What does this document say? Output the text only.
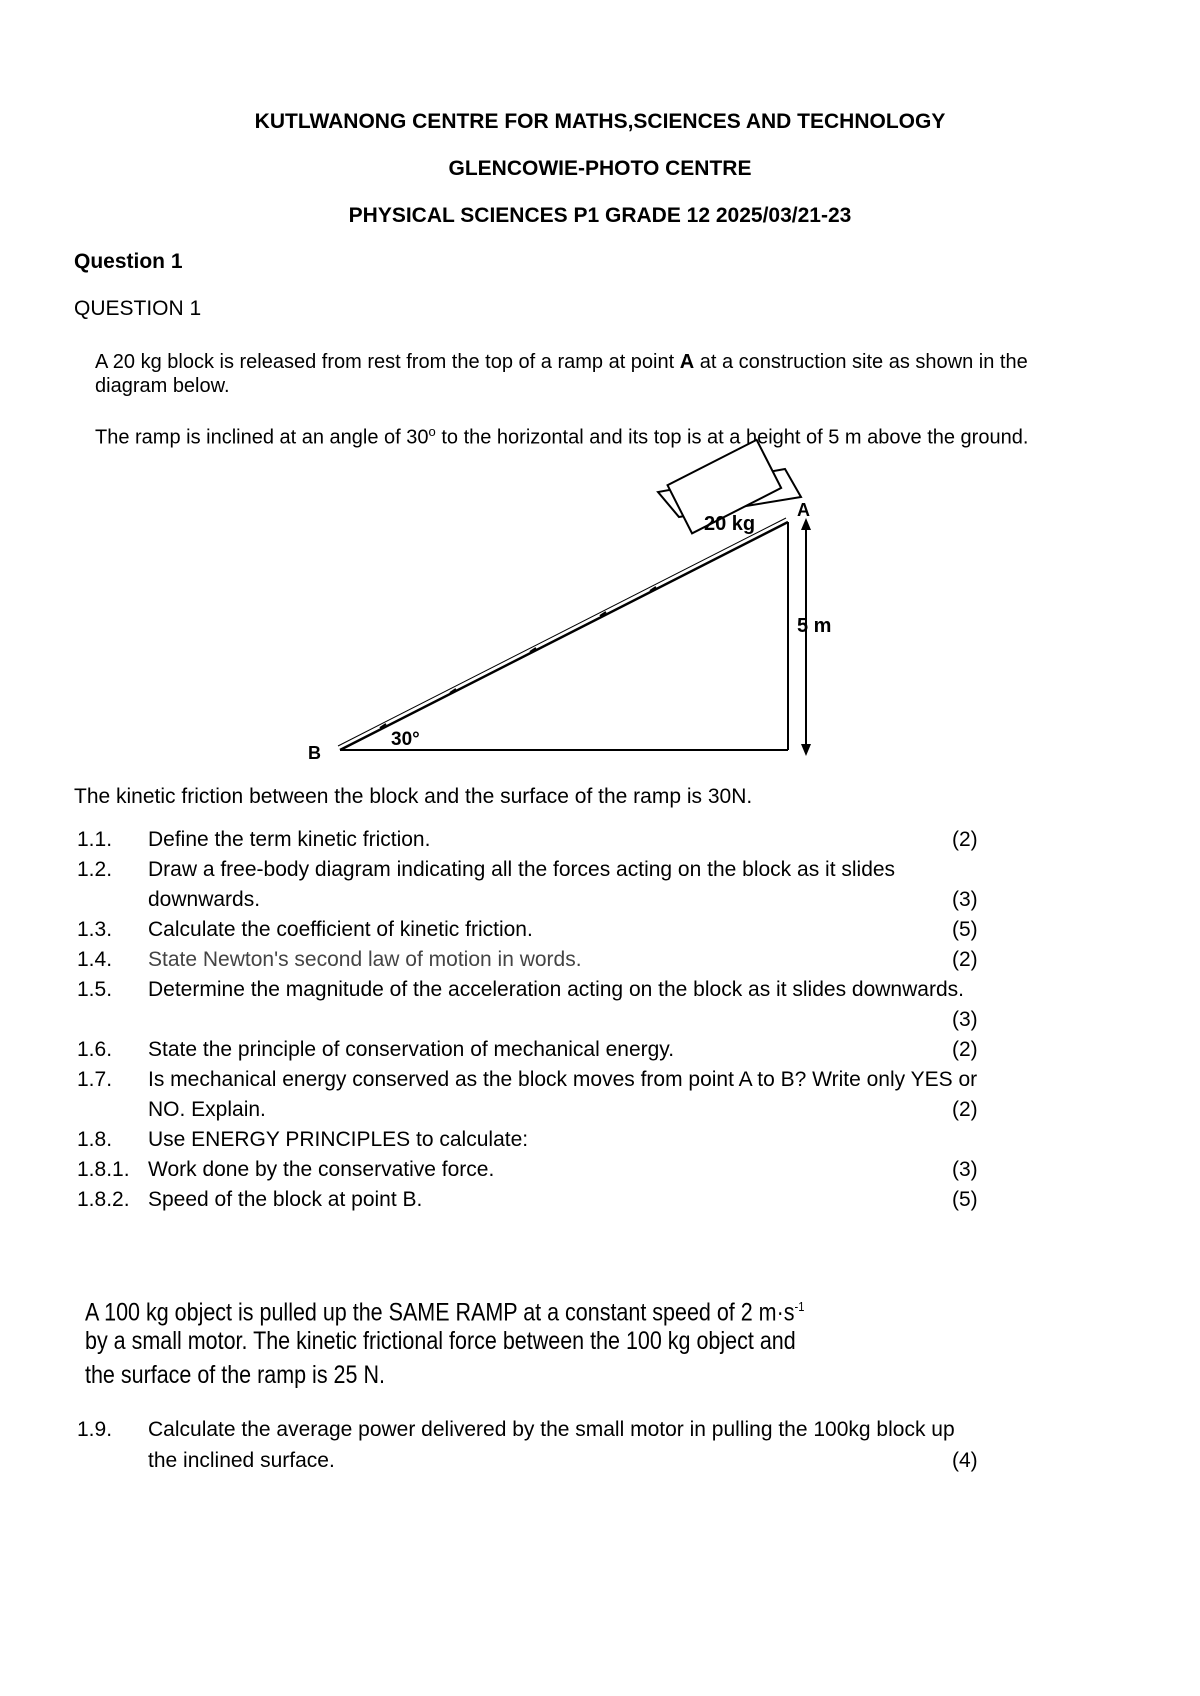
KUTLWANONG CENTRE FOR MATHS,SCIENCES AND TECHNOLOGY
GLENCOWIE-PHOTO CENTRE
PHYSICAL SCIENCES P1 GRADE 12 2025/03/21-23
Question 1
QUESTION 1
A 20 kg block is released from rest from the top of a ramp at point A at a construction site as shown in the diagram below.
The ramp is inclined at an angle of 30$^o$ to the horizontal and its top is at a height of 5 m above the ground.
20 kg
A
B
5 m
30°
The kinetic friction between the block and the surface of the ramp is 30N.
1.1. Define the term kinetic friction.	(2)
1.2. Draw a free-body diagram indicating all the forces acting on the block as it slides
downwards.	(3)
1.3. Calculate the coefficient of kinetic friction.	(5)
1.4. State Newton's second law of motion in words.	(2)
1.5. Determine the magnitude of the acceleration acting on the block as it slides downwards.
(3)
1.6. State the principle of conservation of mechanical energy.	(2)
1.7. Is mechanical energy conserved as the block moves from point A to B? Write only YES or
NO. Explain.	(2)
1.8. Use ENERGY PRINCIPLES to calculate:
1.8.1. Work done by the conservative force.	(3)
1.8.2. Speed of the block at point B.	(5)
A 100 kg object is pulled up the SAME RAMP at a constant speed of 2 $m\cdot s^{-1}$
by a small motor. The kinetic frictional force between the 100 kg object and
the surface of the ramp is 25 N.
1.9. Calculate the average power delivered by the small motor in pulling the 100kg block up
the inclined surface.	(4)
